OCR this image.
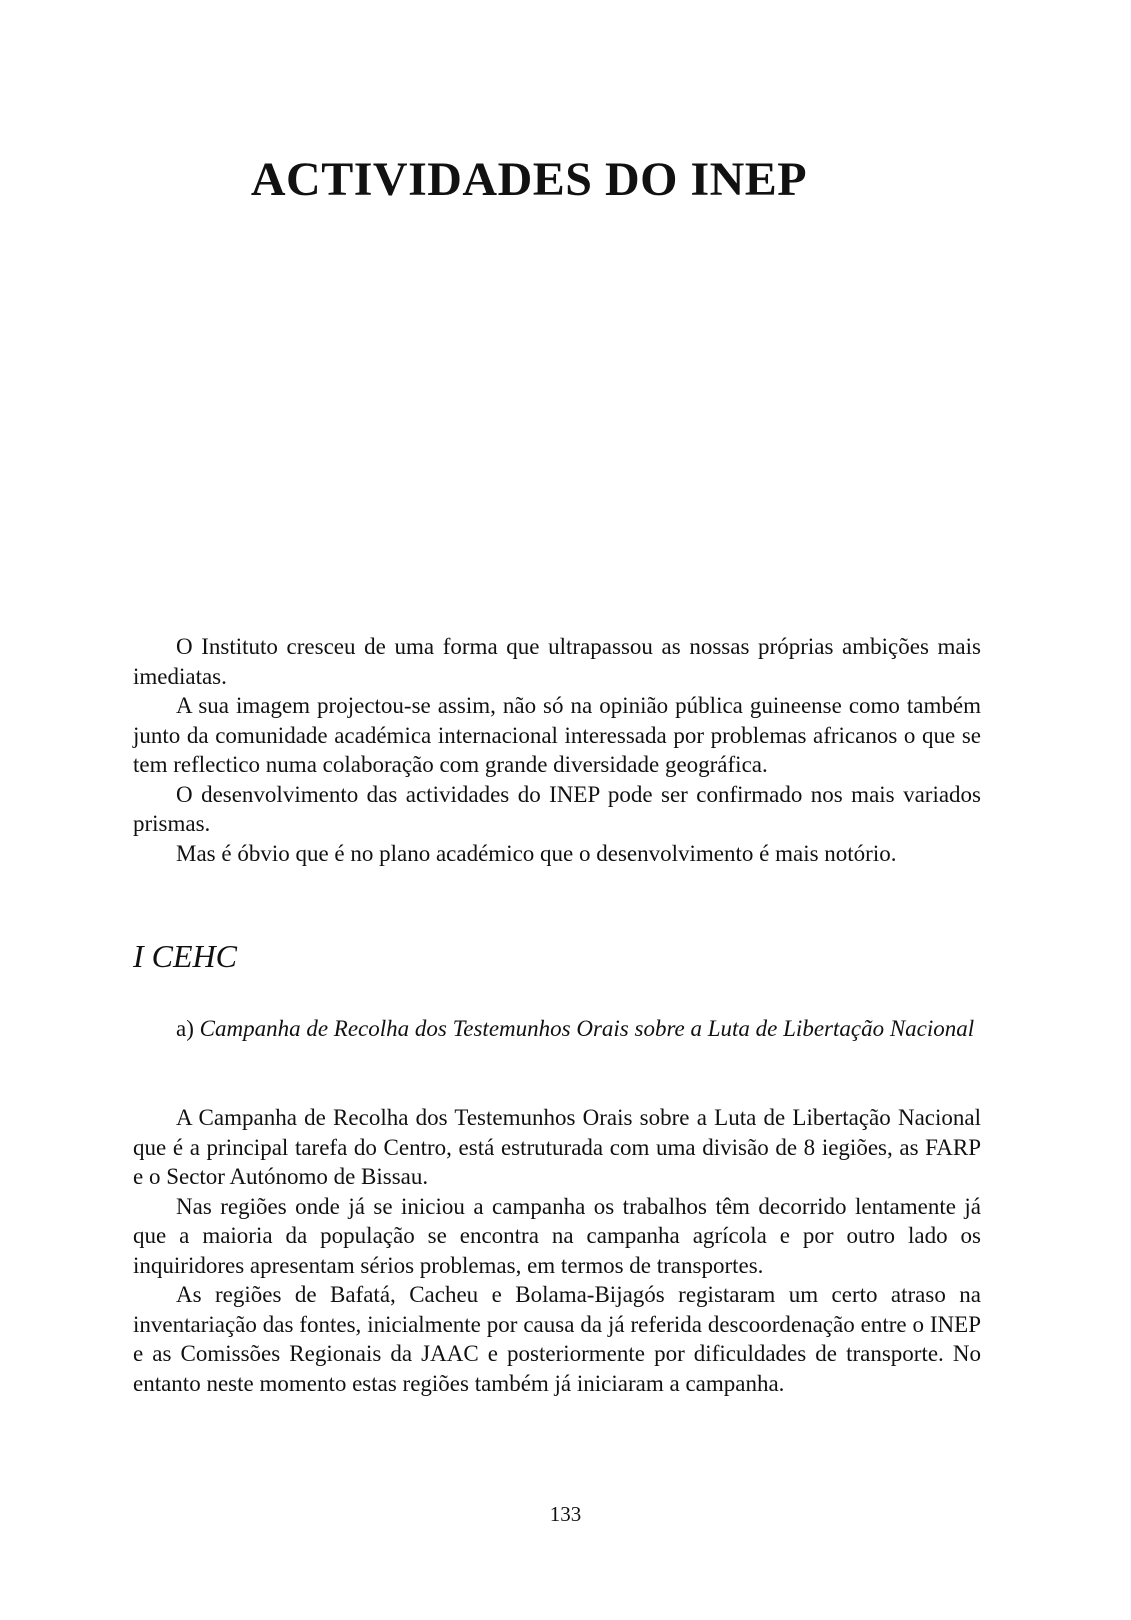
ACTIVIDADES DO INEP

O Instituto cresceu de uma forma que ultrapassou as nossas próprias ambições mais imediatas.

A sua imagem projectou-se assim, não só na opinião pública guineense como também junto da comunidade académica internacional interessada por problemas africanos o que se tem reflectico numa colaboração com grande diversidade geográfica.

O desenvolvimento das actividades do INEP pode ser confirmado nos mais variados prismas.

Mas é óbvio que é no plano académico que o desenvolvimento é mais notório.

I CEHC

a) Campanha de Recolha dos Testemunhos Orais sobre a Luta de Libertação Nacional

A Campanha de Recolha dos Testemunhos Orais sobre a Luta de Libertação Nacional que é a principal tarefa do Centro, está estruturada com uma divisão de 8 iegiões, as FARP e o Sector Autónomo de Bissau.

Nas regiões onde já se iniciou a campanha os trabalhos têm decorrido lentamente já que a maioria da população se encontra na campanha agrícola e por outro lado os inquiridores apresentam sérios problemas, em termos de transportes.

As regiões de Bafatá, Cacheu e Bolama-Bijagós registaram um certo atraso na inventariação das fontes, inicialmente por causa da já referida descoordenação entre o INEP e as Comissões Regionais da JAAC e posteriormente por dificuldades de transporte. No entanto neste momento estas regiões também já iniciaram a campanha.

133
